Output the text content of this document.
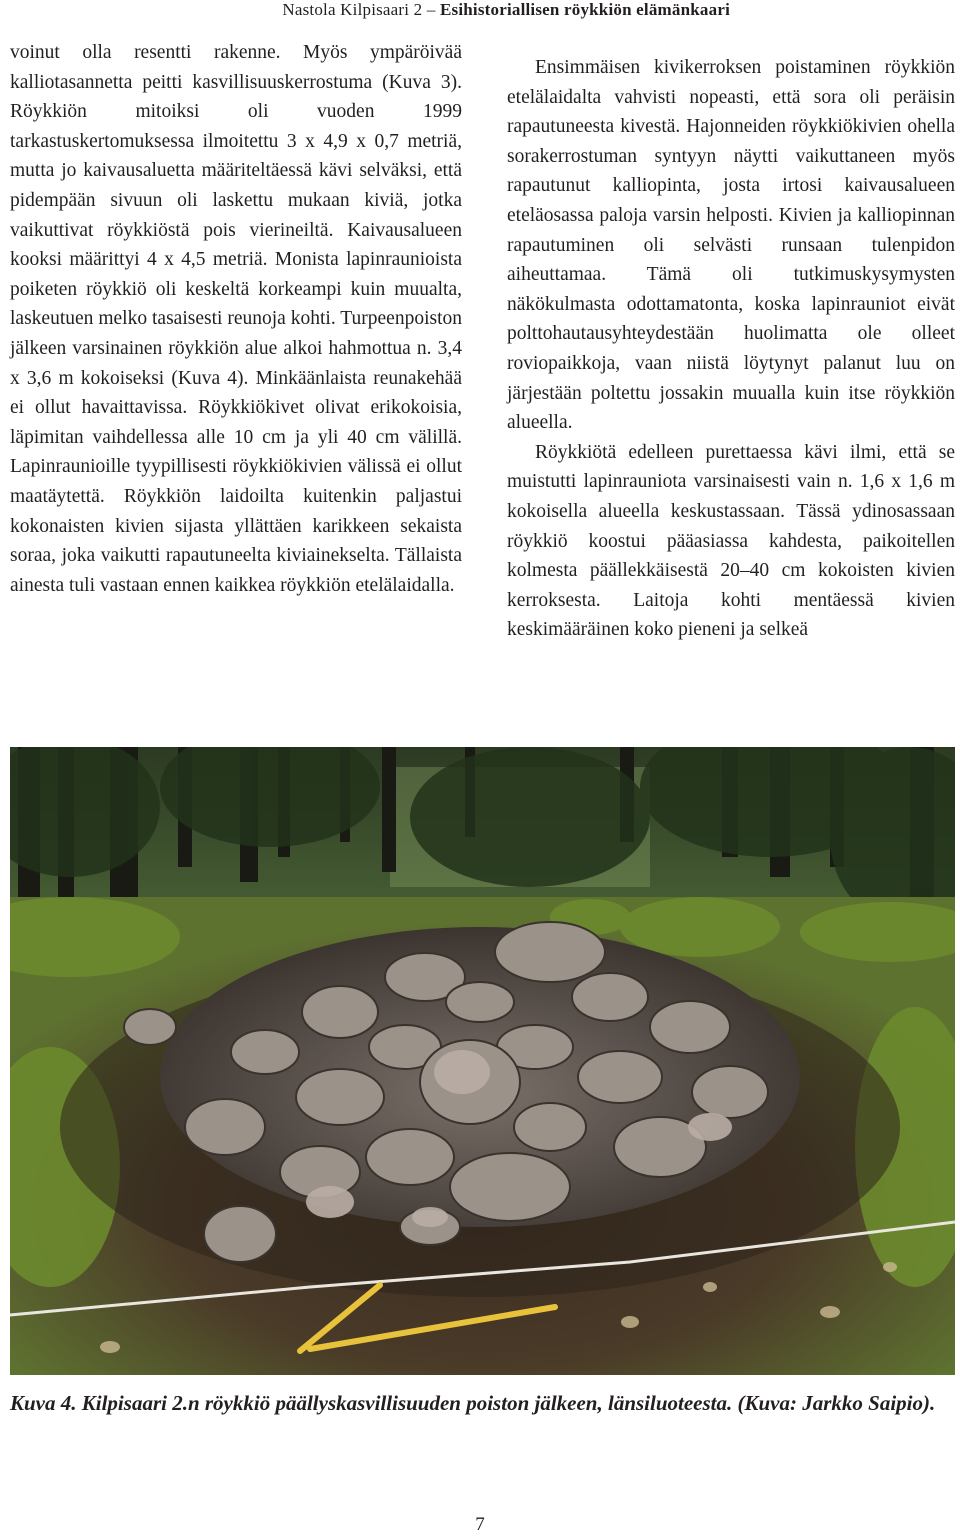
Nastola Kilpisaari 2 – Esihistoriallisen röykkiön elämänkaari

voinut olla resentti rakenne. Myös ympäröivää kalliotasannetta peitti kasvillisuuskerrostuma (Kuva 3). Röykkiön mitoiksi oli vuoden 1999 tarkastuskertomuksessa ilmoitettu 3 x 4,9 x 0,7 metriä, mutta jo kaivausaluetta määriteltäessä kävi selväksi, että pidempään sivuun oli laskettu mukaan kiviä, jotka vaikuttivat röykkiöstä pois vierineiltä. Kaivausalueen kooksi määrittyi 4 x 4,5 metriä. Monista lapinraunioista poiketen röykkiö oli keskeltä korkeampi kuin muualta, laskeutuen melko tasaisesti reunoja kohti. Turpeenpoiston jälkeen varsinainen röykkiön alue alkoi hahmottua n. 3,4 x 3,6 m kokoiseksi (Kuva 4). Minkäänlaista reunakehää ei ollut havaittavissa. Röykkiökivet olivat erikokoisia, läpimitan vaihdellessa alle 10 cm ja yli 40 cm välillä. Lapinraunioille tyypillisesti röykkiökivien välissä ei ollut maatäytettä. Röykkiön laidoilta kuitenkin paljastui kokonaisten kivien sijasta yllättäen karikkeen sekaista soraa, joka vaikutti rapautuneelta kiviainekselta. Tällaista ainesta tuli vastaan ennen kaikkea röykkiön etelälaidalla.

Ensimmäisen kivikerroksen poistaminen röykkiön etelälaidalta vahvisti nopeasti, että sora oli peräisin rapautuneesta kivestä. Hajonneiden röykkiökivien ohella sorakerrostuman syntyyn näytti vaikuttaneen myös rapautunut kalliopinta, josta irtosi kaivausalueen eteläosassa paloja varsin helposti. Kivien ja kalliopinnan rapautuminen oli selvästi runsaan tulenpidon aiheuttamaa. Tämä oli tutkimuskysymysten näkökulmasta odottamatonta, koska lapinrauniot eivät polttohautausyhteydestään huolimatta ole olleet roviopaikkoja, vaan niistä löytynyt palanut luu on järjestään poltettu jossakin muualla kuin itse röykkiön alueella.

Röykkiötä edelleen purettaessa kävi ilmi, että se muistutti lapinrauniota varsinaisesti vain n. 1,6 x 1,6 m kokoisella alueella keskustassaan. Tässä ydinosassaan röykkiö koostui pääasiassa kahdesta, paikoitellen kolmesta päällekkäisestä 20–40 cm kokoisten kivien kerroksesta. Laitoja kohti mentäessä kivien keskimääräinen koko pieneni ja selkeä

Kuva 4. Kilpisaari 2.n röykkiö päällyskasvillisuuden poiston jälkeen, länsiluoteesta. (Kuva: Jarkko Saipio).
7
